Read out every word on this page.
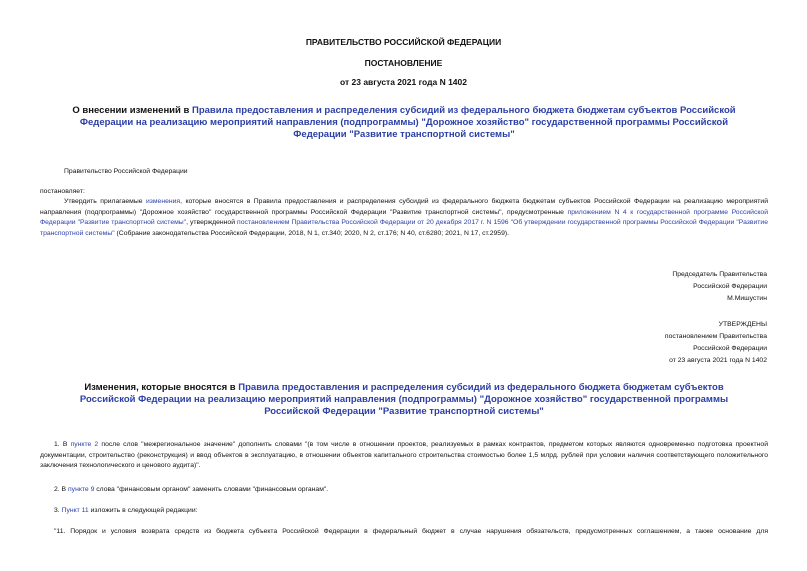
ПРАВИТЕЛЬСТВО РОССИЙСКОЙ ФЕДЕРАЦИИ
ПОСТАНОВЛЕНИЕ
от 23 августа 2021 года N 1402
О внесении изменений в Правила предоставления и распределения субсидий из федерального бюджета бюджетам субъектов Российской Федерации на реализацию мероприятий направления (подпрограммы) "Дорожное хозяйство" государственной программы Российской Федерации "Развитие транспортной системы"
Правительство Российской Федерации
постановляет:
Утвердить прилагаемые изменения, которые вносятся в Правила предоставления и распределения субсидий из федерального бюджета бюджетам субъектов Российской Федерации на реализацию мероприятий направления (подпрограммы) "Дорожное хозяйство" государственной программы Российской Федерации "Развитие транспортной системы", предусмотренные приложением N 4 к государственной программе Российской Федерации "Развитие транспортной системы", утвержденной постановлением Правительства Российской Федерации от 20 декабря 2017 г. N 1596 "Об утверждении государственной программы Российской Федерации "Развитие транспортной системы" (Собрание законодательства Российской Федерации, 2018, N 1, ст.340; 2020, N 2, ст.176; N 40, ст.6280; 2021, N 17, ст.2959).
Председатель Правительства
Российской Федерации
М.Мишустин
УТВЕРЖДЕНЫ
постановлением Правительства
Российской Федерации
от 23 августа 2021 года N 1402
Изменения, которые вносятся в Правила предоставления и распределения субсидий из федерального бюджета бюджетам субъектов Российской Федерации на реализацию мероприятий направления (подпрограммы) "Дорожное хозяйство" государственной программы Российской Федерации "Развитие транспортной системы"
1. В пункте 2 после слов "межрегиональное значение" дополнить словами "(в том числе в отношении проектов, реализуемых в рамках контрактов, предметом которых являются одновременно подготовка проектной документации, строительство (реконструкция) и ввод объектов в эксплуатацию, в отношении объектов капитального строительства стоимостью более 1,5 млрд. рублей при условии наличия соответствующего положительного заключения технологического и ценового аудита)".
2. В пункте 9 слова "финансовым органом" заменить словами "финансовым органам".
3. Пункт 11 изложить в следующей редакции:
"11. Порядок и условия возврата средств из бюджета субъекта Российской Федерации в федеральный бюджет в случае нарушения обязательств, предусмотренных соглашением, а также основание для
